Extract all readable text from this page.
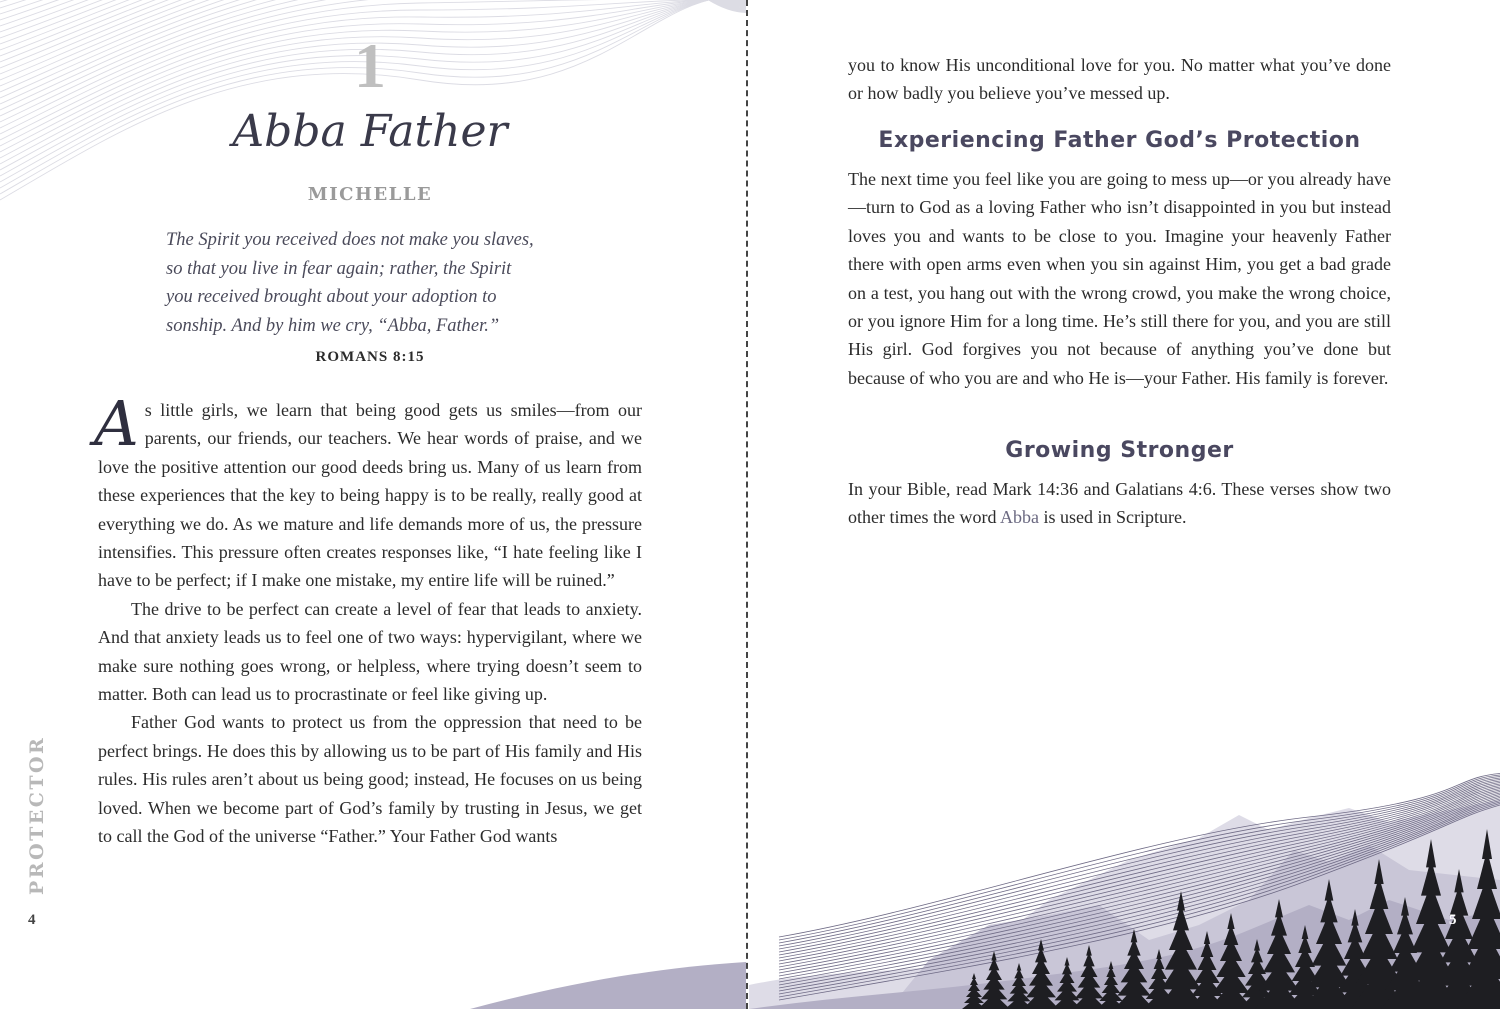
1
Abba Father
MICHELLE

The Spirit you received does not make you slaves,

so that you live in fear again; rather, the Spirit

you received brought about your adoption to

sonship. And by him we cry, “Abba, Father.”

ROMANS 8:15

As little girls, we learn that being good gets us smiles—from our parents, our friends, our teachers. We hear words of praise, and we love the positive attention our good deeds bring us. Many of us learn from these experiences that the key to being happy is to be really, really good at everything we do. As we mature and life demands more of us, the pressure intensifies. This pressure often creates responses like, “I hate feeling like I have to be perfect; if I make one mistake, my entire life will be ruined.”

The drive to be perfect can create a level of fear that leads to anxiety. And that anxiety leads us to feel one of two ways: hypervigilant, where we make sure nothing goes wrong, or helpless, where trying doesn’t seem to matter. Both can lead us to procrastinate or feel like giving up.

Father God wants to protect us from the oppression that need to be perfect brings. He does this by allowing us to be part of His family and His rules. His rules aren’t about us being good; instead, He focuses on us being loved. When we become part of God’s family by trusting in Jesus, we get to call the God of the universe “Father.” Your Father God wants

PROTECTOR
4

you to know His unconditional love for you. No matter what you’ve done or how badly you believe you’ve messed up.

Experiencing Father God’s Protection

The next time you feel like you are going to mess up—or you already have—turn to God as a loving Father who isn’t disappointed in you but instead loves you and wants to be close to you. Imagine your heavenly Father there with open arms even when you sin against Him, you get a bad grade on a test, you hang out with the wrong crowd, you make the wrong choice, or you ignore Him for a long time. He’s still there for you, and you are still His girl. God forgives you not because of anything you’ve done but because of who you are and who He is—your Father. His family is forever.

Growing Stronger

In your Bible, read Mark 14:36 and Galatians 4:6. These verses show two other times the word Abba is used in Scripture.

5
